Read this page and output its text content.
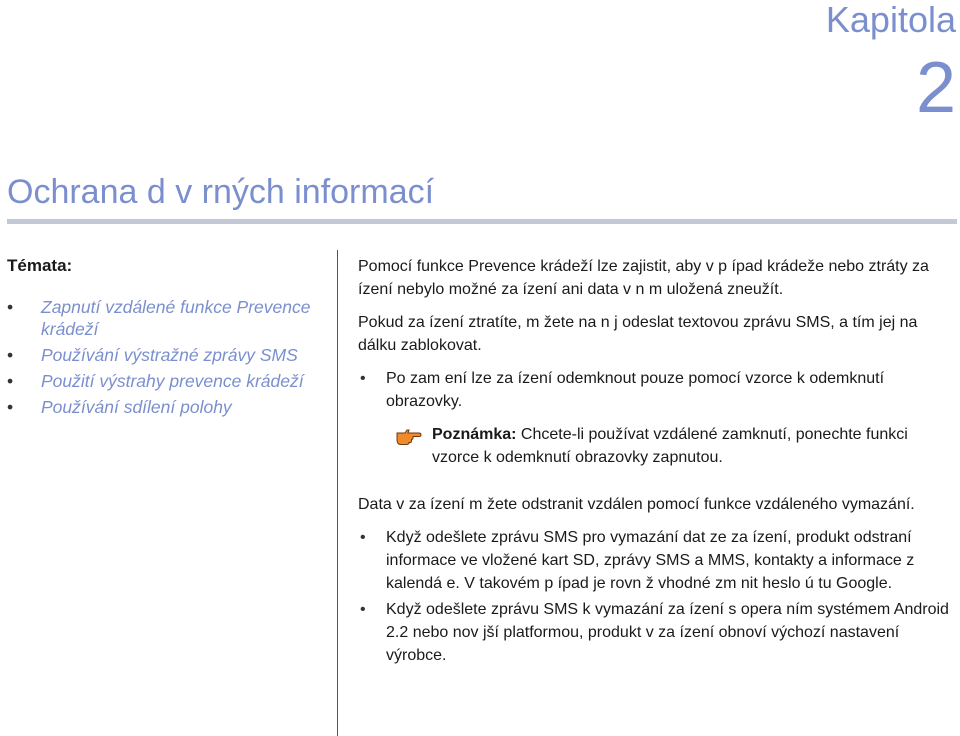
Kapitola
2
Ochrana d v rných informací
Témata:
• Zapnutí vzdálené funkce Prevence krádeží
• Používání výstražné zprávy SMS
• Použití výstrahy prevence krádeží
• Používání sdílení polohy

Pomocí funkce Prevence krádeží lze zajistit, aby v p ípad krádeže nebo ztráty za ízení nebylo možné za ízení ani data v n m uložená zneužít.

Pokud za ízení ztratíte, m žete na n j odeslat textovou zprávu SMS, a tím jej na dálku zablokovat.

• Po zam ení lze za ízení odemknout pouze pomocí vzorce k odemknutí obrazovky.
Poznámka: Chcete-li používat vzdálené zamknutí, ponechte funkci vzorce k odemknutí obrazovky zapnutou.

Data v za ízení m žete odstranit vzdálen pomocí funkce vzdáleného vymazání.

• Když odešlete zprávu SMS pro vymazání dat ze za ízení, produkt odstraní informace ve vložené kart SD, zprávy SMS a MMS, kontakty a informace z kalendá e. V takovém p ípad je rovn ž vhodné zm nit heslo ú tu Google.
• Když odešlete zprávu SMS k vymazání za ízení s opera ním systémem Android 2.2 nebo nov jší platformou, produkt v za ízení obnoví výchozí nastavení výrobce.
